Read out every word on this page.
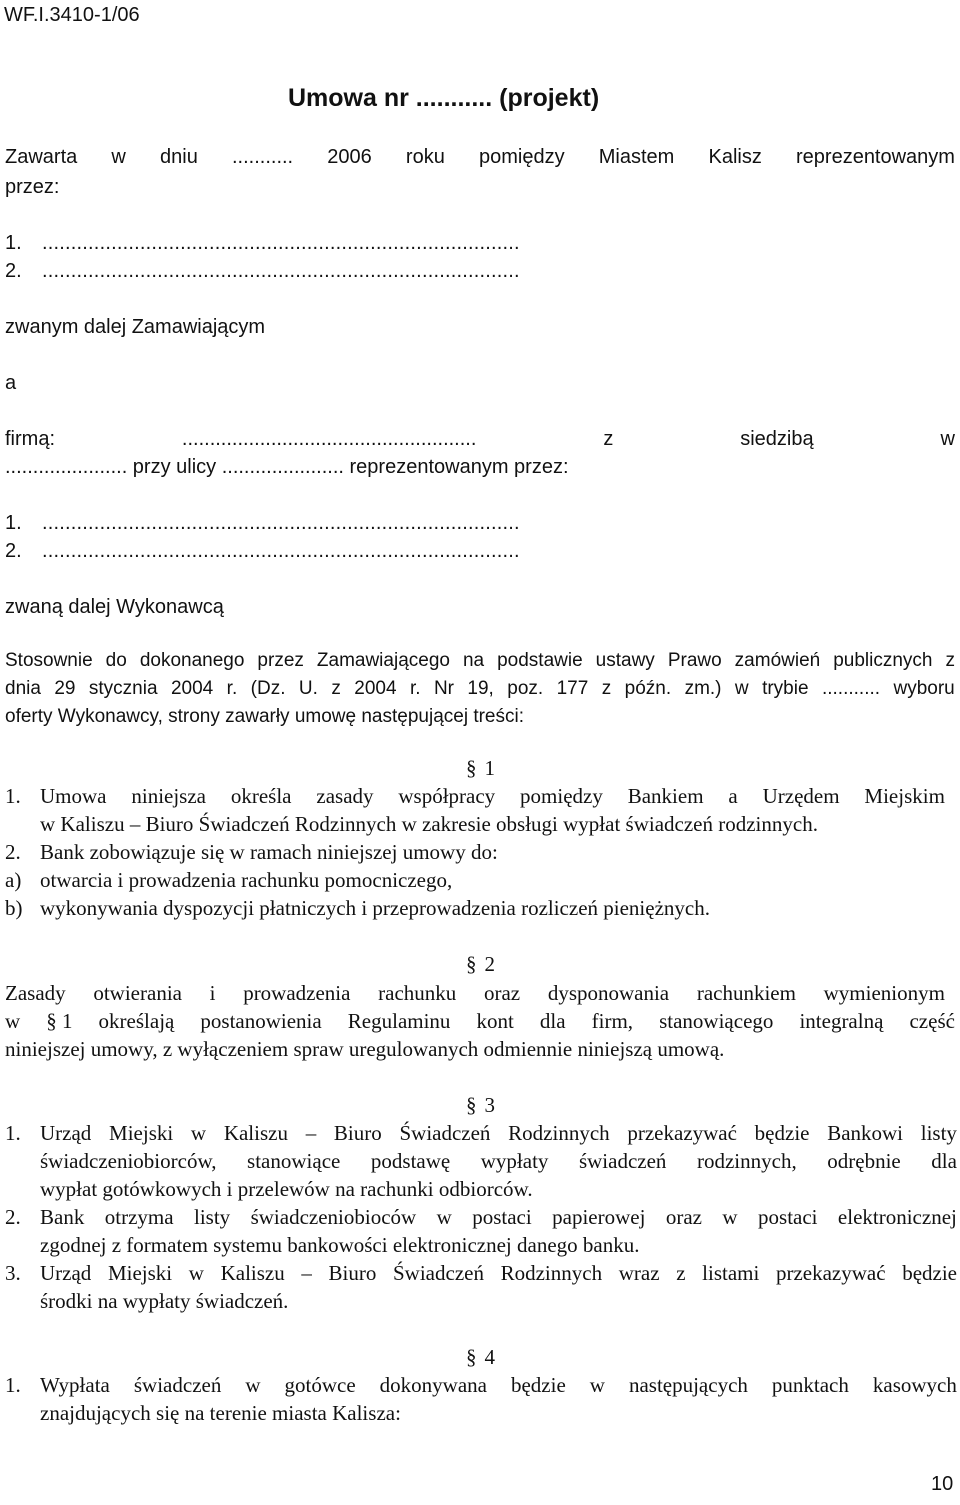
WF.I.3410-1/06
Umowa nr ........... (projekt)
Zawarta w dniu ........... 2006 roku pomiędzy Miastem Kalisz reprezentowanym
przez:
1. ...................................................................................
2. ...................................................................................
zwanym dalej Zamawiającym
a
firmą:	.....................................................	z	siedzibą	w
...................... przy ulicy ...................... reprezentowanym przez:
1. ...................................................................................
2. ...................................................................................
zwaną dalej Wykonawcą
Stosownie do dokonanego przez Zamawiającego na podstawie ustawy Prawo zamówień publicznych z
dnia 29 stycznia 2004 r. (Dz. U. z 2004 r. Nr 19, poz. 177 z późn. zm.) w trybie ........... wyboru
oferty Wykonawcy, strony zawarły umowę następującej treści:
§ 1
1. Umowa niniejsza określa zasady współpracy pomiędzy Bankiem a Urzędem Miejskim
w Kaliszu – Biuro Świadczeń Rodzinnych w zakresie obsługi wypłat świadczeń rodzinnych.
2. Bank zobowiązuje się w ramach niniejszej umowy do:
a) otwarcia i prowadzenia rachunku pomocniczego,
b) wykonywania dyspozycji płatniczych i przeprowadzenia rozliczeń pieniężnych.
§ 2
Zasady otwierania i prowadzenia rachunku oraz dysponowania rachunkiem wymienionym
w § 1 określają postanowienia Regulaminu kont dla firm, stanowiącego integralną część
niniejszej umowy, z wyłączeniem spraw uregulowanych odmiennie niniejszą umową.
§ 3
1. Urząd Miejski w Kaliszu – Biuro Świadczeń Rodzinnych przekazywać będzie Bankowi listy
świadczeniobiorców, stanowiące podstawę wypłaty świadczeń rodzinnych, odrębnie dla
wypłat gotówkowych i przelewów na rachunki odbiorców.
2. Bank otrzyma listy świadczeniobioców w postaci papierowej oraz w postaci elektronicznej
zgodnej z formatem systemu bankowości elektronicznej danego banku.
3. Urząd Miejski w Kaliszu – Biuro Świadczeń Rodzinnych wraz z listami przekazywać będzie
środki na wypłaty świadczeń.
§ 4
1. Wypłata świadczeń w gotówce dokonywana będzie w następujących punktach kasowych
znajdujących się na terenie miasta Kalisza:
10
